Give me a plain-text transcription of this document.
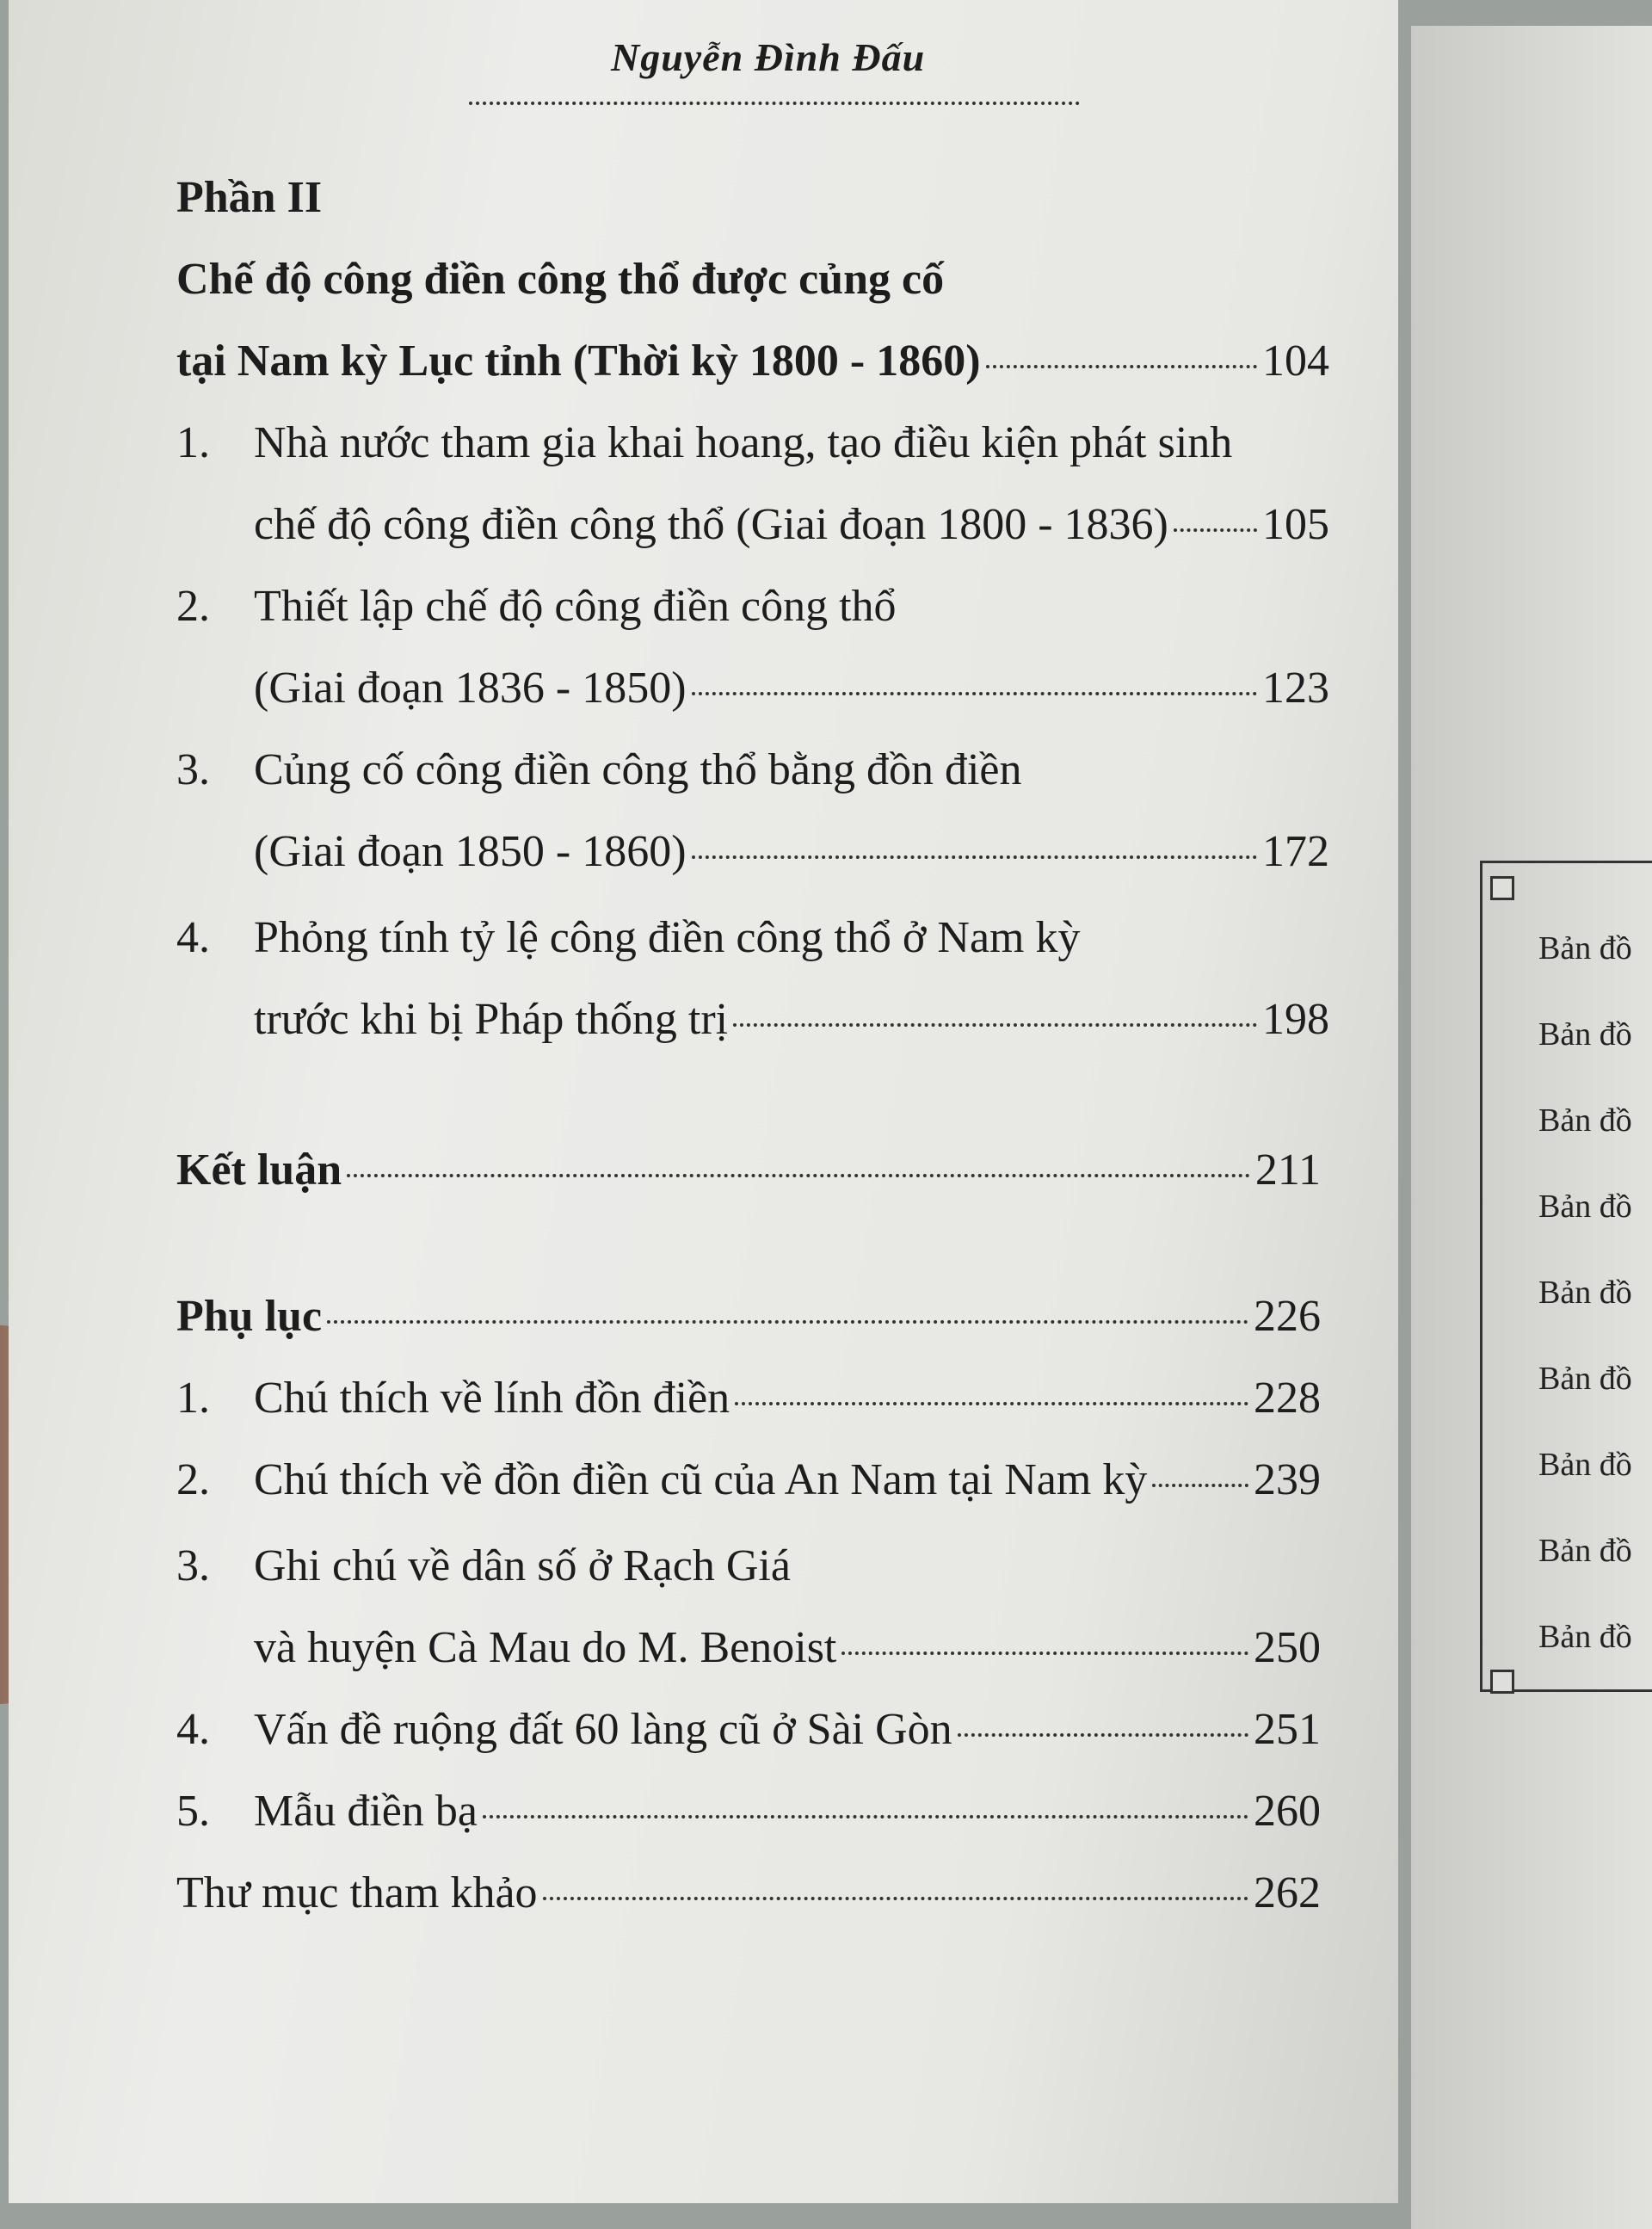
Nguyễn Đình Đấu
Phần II
Chế độ công điền công thổ được củng cố
tại Nam kỳ Lục tỉnh (Thời kỳ 1800 - 1860)	104
1. Nhà nước tham gia khai hoang, tạo điều kiện phát sinh
chế độ công điền công thổ (Giai đoạn 1800 - 1836) 105
2. Thiết lập chế độ công điền công thổ
(Giai đoạn 1836 - 1850)	123
3. Củng cố công điền công thổ bằng đồn điền
(Giai đoạn 1850 - 1860)	172
4. Phỏng tính tỷ lệ công điền công thổ ở Nam kỳ
trước khi bị Pháp thống trị	198
Kết luận	211
Phụ lục	226
1. Chú thích về lính đồn điền	228
2. Chú thích về đồn điền cũ của An Nam tại Nam kỳ 239
3. Ghi chú về dân số ở Rạch Giá
và huyện Cà Mau do M. Benoist	250
4. Vấn đề ruộng đất 60 làng cũ ở Sài Gòn	251
5. Mẫu điền bạ	260
Thư mục tham khảo	262
Bản đồ
Bản đồ
Bản đồ
Bản đồ
Bản đồ
Bản đồ
Bản đồ
Bản đồ
Bản đồ
